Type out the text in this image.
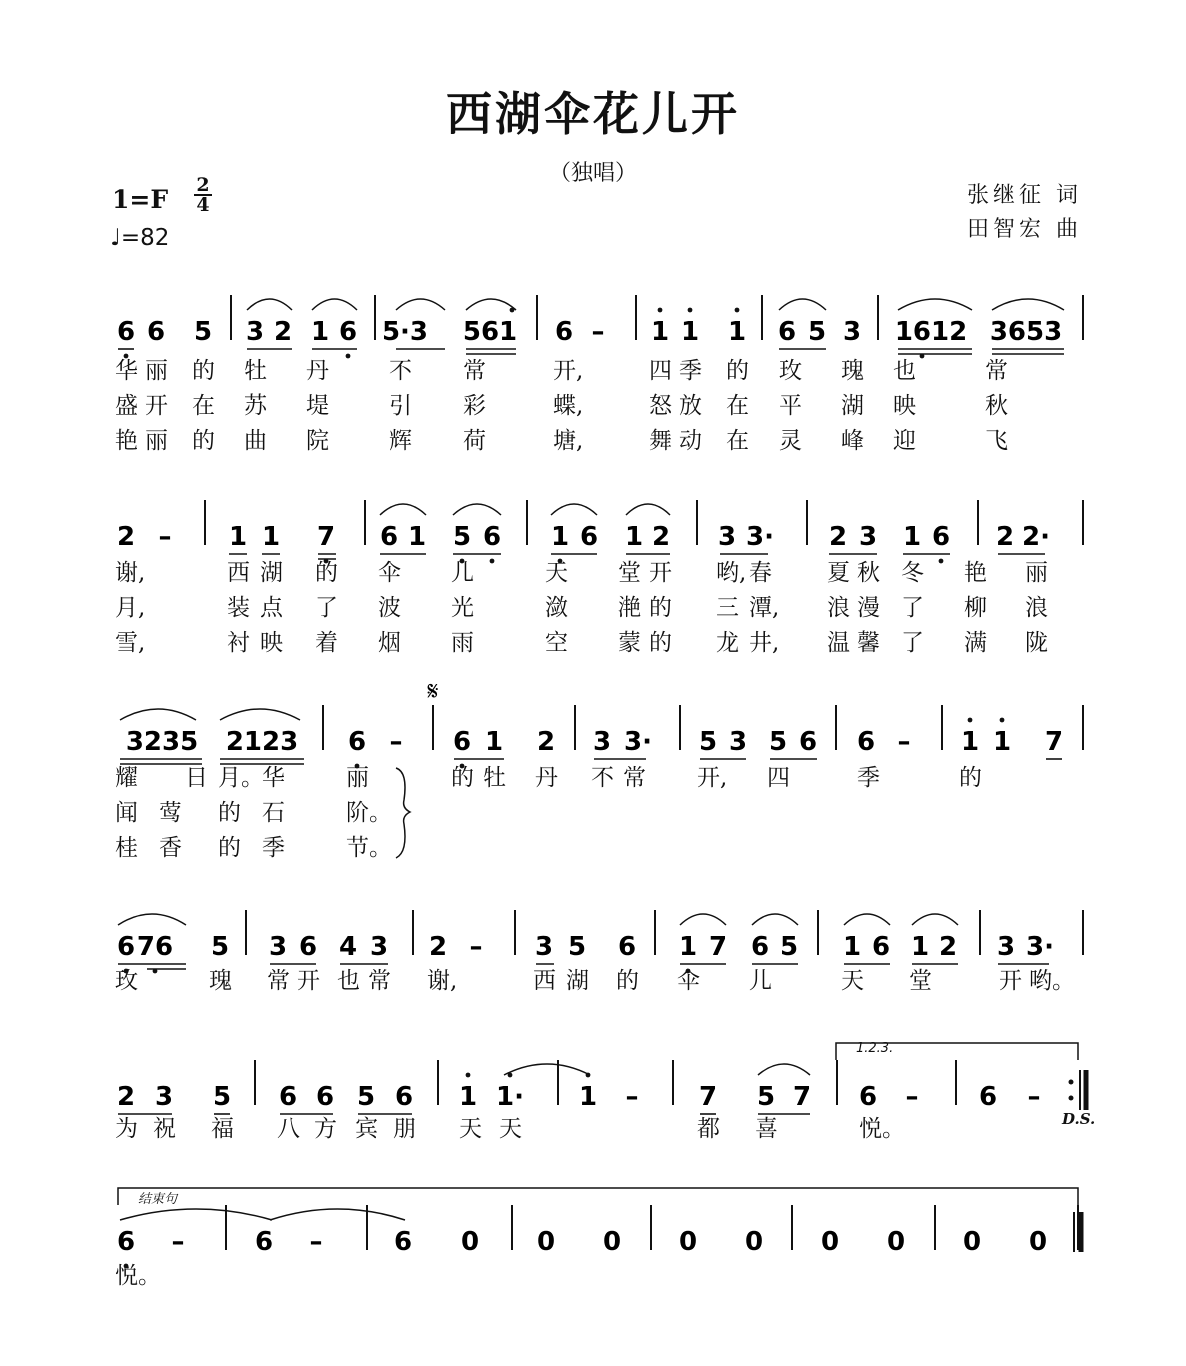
西湖伞花儿开
（独唱）
1=F 2
4
♩=82
张继征 词
田智宏 曲
6 6 5 3 2 1 6 5·3 561 6 – 1 1 1 6 5 3 1612 3653
2 – 1 1 7 6 1 5 6 1 6 1 2 3 3· 2 3 1 6 2 2·
3235 2123 6 – 6 1 2 3 3· 5 3 5 6 6 – 1 1 7
6 76 5 3 6 4 3 2 – 3 5 6 1 7 6 5 1 6 1 2 3 3·
2 3 5 6 6 5 6 1 1· 1 – 7 5 7 6 – 6 –
6 –	6 –	6 0 0 0 0 0 0 0 0 0
𝄋
D.S.
1.2.3.
结束句
华 丽 的 牡 丹	不 常	开,	四 季 的 玫 瑰 也	常
盛 开 在 苏 堤	引 彩	蝶,	怒 放 在 平 湖 映	秋
艳 丽 的 曲 院	辉 荷	塘,	舞 动 在 灵 峰 迎	飞
谢,	西 湖 的 伞 儿	天 堂 开 哟, 春 夏 秋 冬 艳 丽
月,	装 点 了 波 光	潋 滟 的 三 潭, 浪 漫 了 柳 浪
雪,	衬 映 着 烟 雨	空 蒙 的 龙 井, 温 馨 了 满 陇
耀 日 月。
华	丽	的 牡 丹 不 常 开, 四	季	的
闻 莺 的 石	阶。
桂 香 的 季	节。
玫	瑰 常 开 也 常 谢,	西 湖 的 伞 儿	天 堂	开 哟。
为 祝 福 八 方 宾 朋 天 天	都 喜	悦。
悦。
